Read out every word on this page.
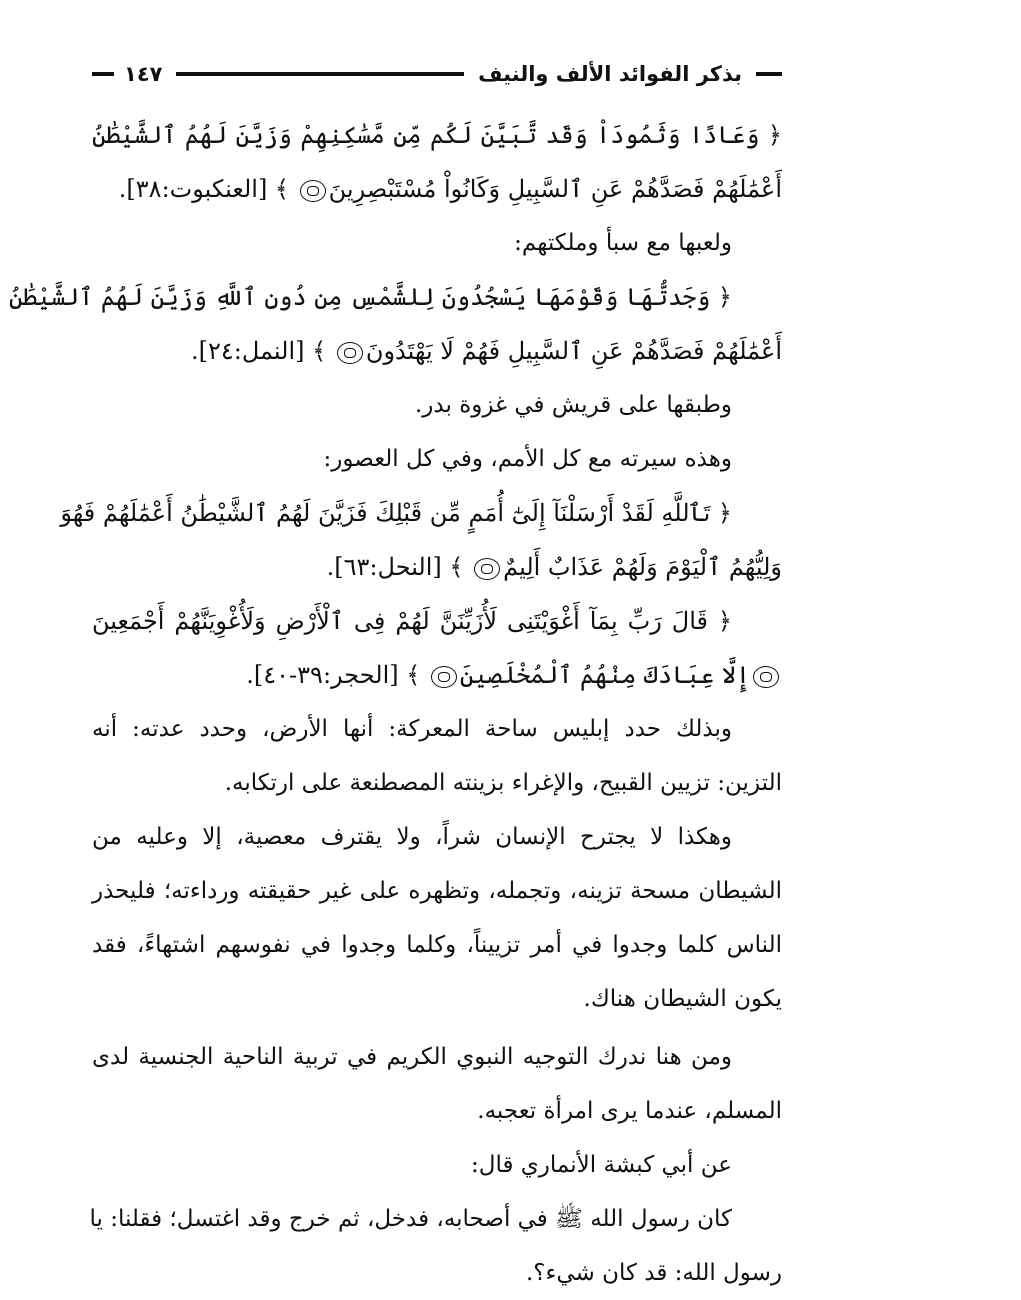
بذكر الفوائد الألف والنيف
١٤٧
﴿ وَعَادًا وَثَمُودَاْ وَقَد تَّبَيَّنَ لَكُم مِّن مَّسَٰكِنِهِمْ وَزَيَّنَ لَهُمُ ٱلشَّيْطَٰنُ
أَعْمَٰلَهُمْ فَصَدَّهُمْ عَنِ ٱلسَّبِيلِ وَكَانُواْ مُسْتَبْصِرِينَ ﴾ [العنكبوت:٣٨].
ولعبها مع سبأ وملكتهم:
﴿ وَجَدتُّهَا وَقَوْمَهَا يَسْجُدُونَ لِلشَّمْسِ مِن دُونِ ٱللَّهِ وَزَيَّنَ لَهُمُ ٱلشَّيْطَٰنُ
أَعْمَٰلَهُمْ فَصَدَّهُمْ عَنِ ٱلسَّبِيلِ فَهُمْ لَا يَهْتَدُونَ ﴾ [النمل:٢٤].
وطبقها على قريش في غزوة بدر.
وهذه سيرته مع كل الأمم، وفي كل العصور:
﴿ تَٱللَّهِ لَقَدْ أَرْسَلْنَآ إِلَىٰٓ أُمَمٍ مِّن قَبْلِكَ فَزَيَّنَ لَهُمُ ٱلشَّيْطَٰنُ أَعْمَٰلَهُمْ فَهُوَ
وَلِيُّهُمُ ٱلْيَوْمَ وَلَهُمْ عَذَابٌ أَلِيمٌ ﴾ [النحل:٦٣].
﴿ قَالَ رَبِّ بِمَآ أَغْوَيْتَنِى لَأُزَيِّنَنَّ لَهُمْ فِى ٱلْأَرْضِ وَلَأُغْوِيَنَّهُمْ أَجْمَعِينَ
إِلَّا عِبَادَكَ مِنْهُمُ ٱلْمُخْلَصِينَ ﴾ [الحجر:٣٩-٤٠].
وبذلك حدد إبليس ساحة المعركة: أنها الأرض، وحدد عدته: أنه
التزين: تزيين القبيح، والإغراء بزينته المصطنعة على ارتكابه.
وهكذا لا يجترح الإنسان شراً، ولا يقترف معصية، إلا وعليه من
الشيطان مسحة تزينه، وتجمله، وتظهره على غير حقيقته ورداءته؛ فليحذر
الناس كلما وجدوا في أمر تزييناً، وكلما وجدوا في نفوسهم اشتهاءً، فقد
يكون الشيطان هناك.
ومن هنا ندرك التوجيه النبوي الكريم في تربية الناحية الجنسية لدى
المسلم، عندما يرى امرأة تعجبه.
عن أبي كبشة الأنماري قال:
كان رسول الله ﷺ في أصحابه، فدخل، ثم خرج وقد اغتسل؛ فقلنا: يا
رسول الله: قد كان شيء؟.
